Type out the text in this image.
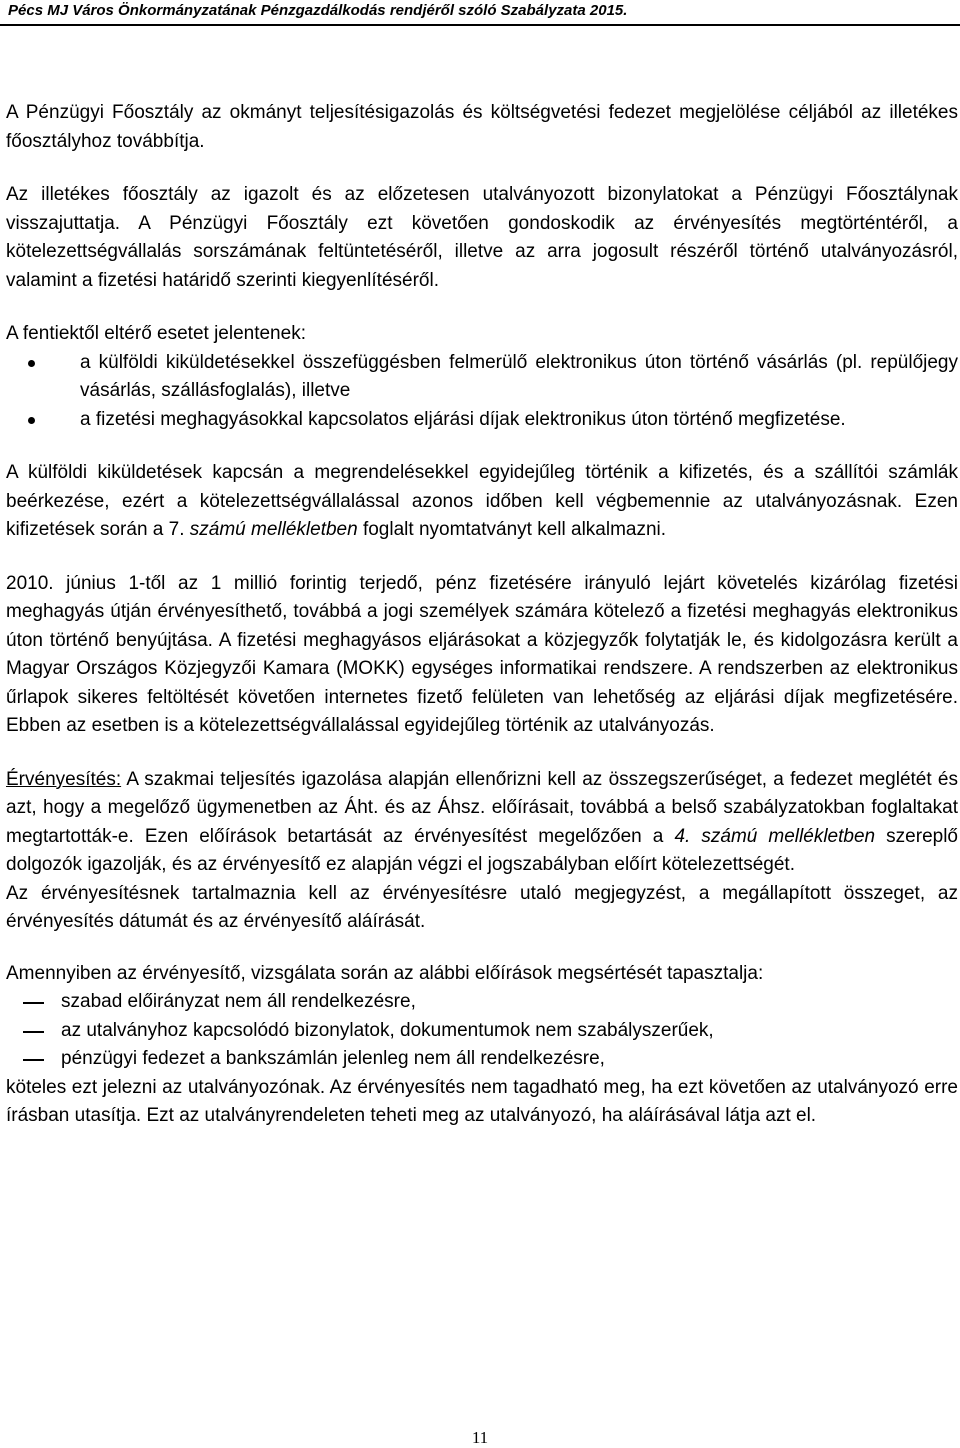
Pécs MJ Város Önkormányzatának Pénzgazdálkodás rendjéről szóló Szabályzata 2015.

A Pénzügyi Főosztály az okmányt teljesítésigazolás és költségvetési fedezet megjelölése céljából az illetékes főosztályhoz továbbítja.

Az illetékes főosztály az igazolt és az előzetesen utalványozott bizonylatokat a Pénzügyi Főosztálynak visszajuttatja. A Pénzügyi Főosztály ezt követően gondoskodik az érvényesítés megtörténtéről, a kötelezettségvállalás sorszámának feltüntetéséről, illetve az arra jogosult részéről történő utalványozásról, valamint a fizetési határidő szerinti kiegyenlítéséről.

A fentiektől eltérő esetet jelentenek:

a külföldi kiküldetésekkel összefüggésben felmerülő elektronikus úton történő vásárlás (pl. repülőjegy vásárlás, szállásfoglalás), illetve
a fizetési meghagyásokkal kapcsolatos eljárási díjak elektronikus úton történő megfizetése.

A külföldi kiküldetések kapcsán a megrendelésekkel egyidejűleg történik a kifizetés, és a szállítói számlák beérkezése, ezért a kötelezettségvállalással azonos időben kell végbemennie az utalványozásnak. Ezen kifizetések során a 7. számú mellékletben foglalt nyomtatványt kell alkalmazni.

2010. június 1-től az 1 millió forintig terjedő, pénz fizetésére irányuló lejárt követelés kizárólag fizetési meghagyás útján érvényesíthető, továbbá a jogi személyek számára kötelező a fizetési meghagyás elektronikus úton történő benyújtása. A fizetési meghagyásos eljárásokat a közjegyzők folytatják le, és kidolgozásra került a Magyar Országos Közjegyzői Kamara (MOKK) egységes informatikai rendszere. A rendszerben az elektronikus űrlapok sikeres feltöltését követően internetes fizető felületen van lehetőség az eljárási díjak megfizetésére. Ebben az esetben is a kötelezettségvállalással egyidejűleg történik az utalványozás.

Érvényesítés: A szakmai teljesítés igazolása alapján ellenőrizni kell az összegszerűséget, a fedezet meglétét és azt, hogy a megelőző ügymenetben az Áht. és az Áhsz. előírásait, továbbá a belső szabályzatokban foglaltakat megtartották-e. Ezen előírások betartását az érvényesítést megelőzően a 4. számú mellékletben szereplő dolgozók igazolják, és az érvényesítő ez alapján végzi el jogszabályban előírt kötelezettségét.

Az érvényesítésnek tartalmaznia kell az érvényesítésre utaló megjegyzést, a megállapított összeget, az érvényesítés dátumát és az érvényesítő aláírását.

Amennyiben az érvényesítő, vizsgálata során az alábbi előírások megsértését tapasztalja:

szabad előirányzat nem áll rendelkezésre,
az utalványhoz kapcsolódó bizonylatok, dokumentumok nem szabályszerűek,
pénzügyi fedezet a bankszámlán jelenleg nem áll rendelkezésre,

köteles ezt jelezni az utalványozónak. Az érvényesítés nem tagadható meg, ha ezt követően az utalványozó erre írásban utasítja. Ezt az utalványrendeleten teheti meg az utalványozó, ha aláírásával látja azt el.

11
